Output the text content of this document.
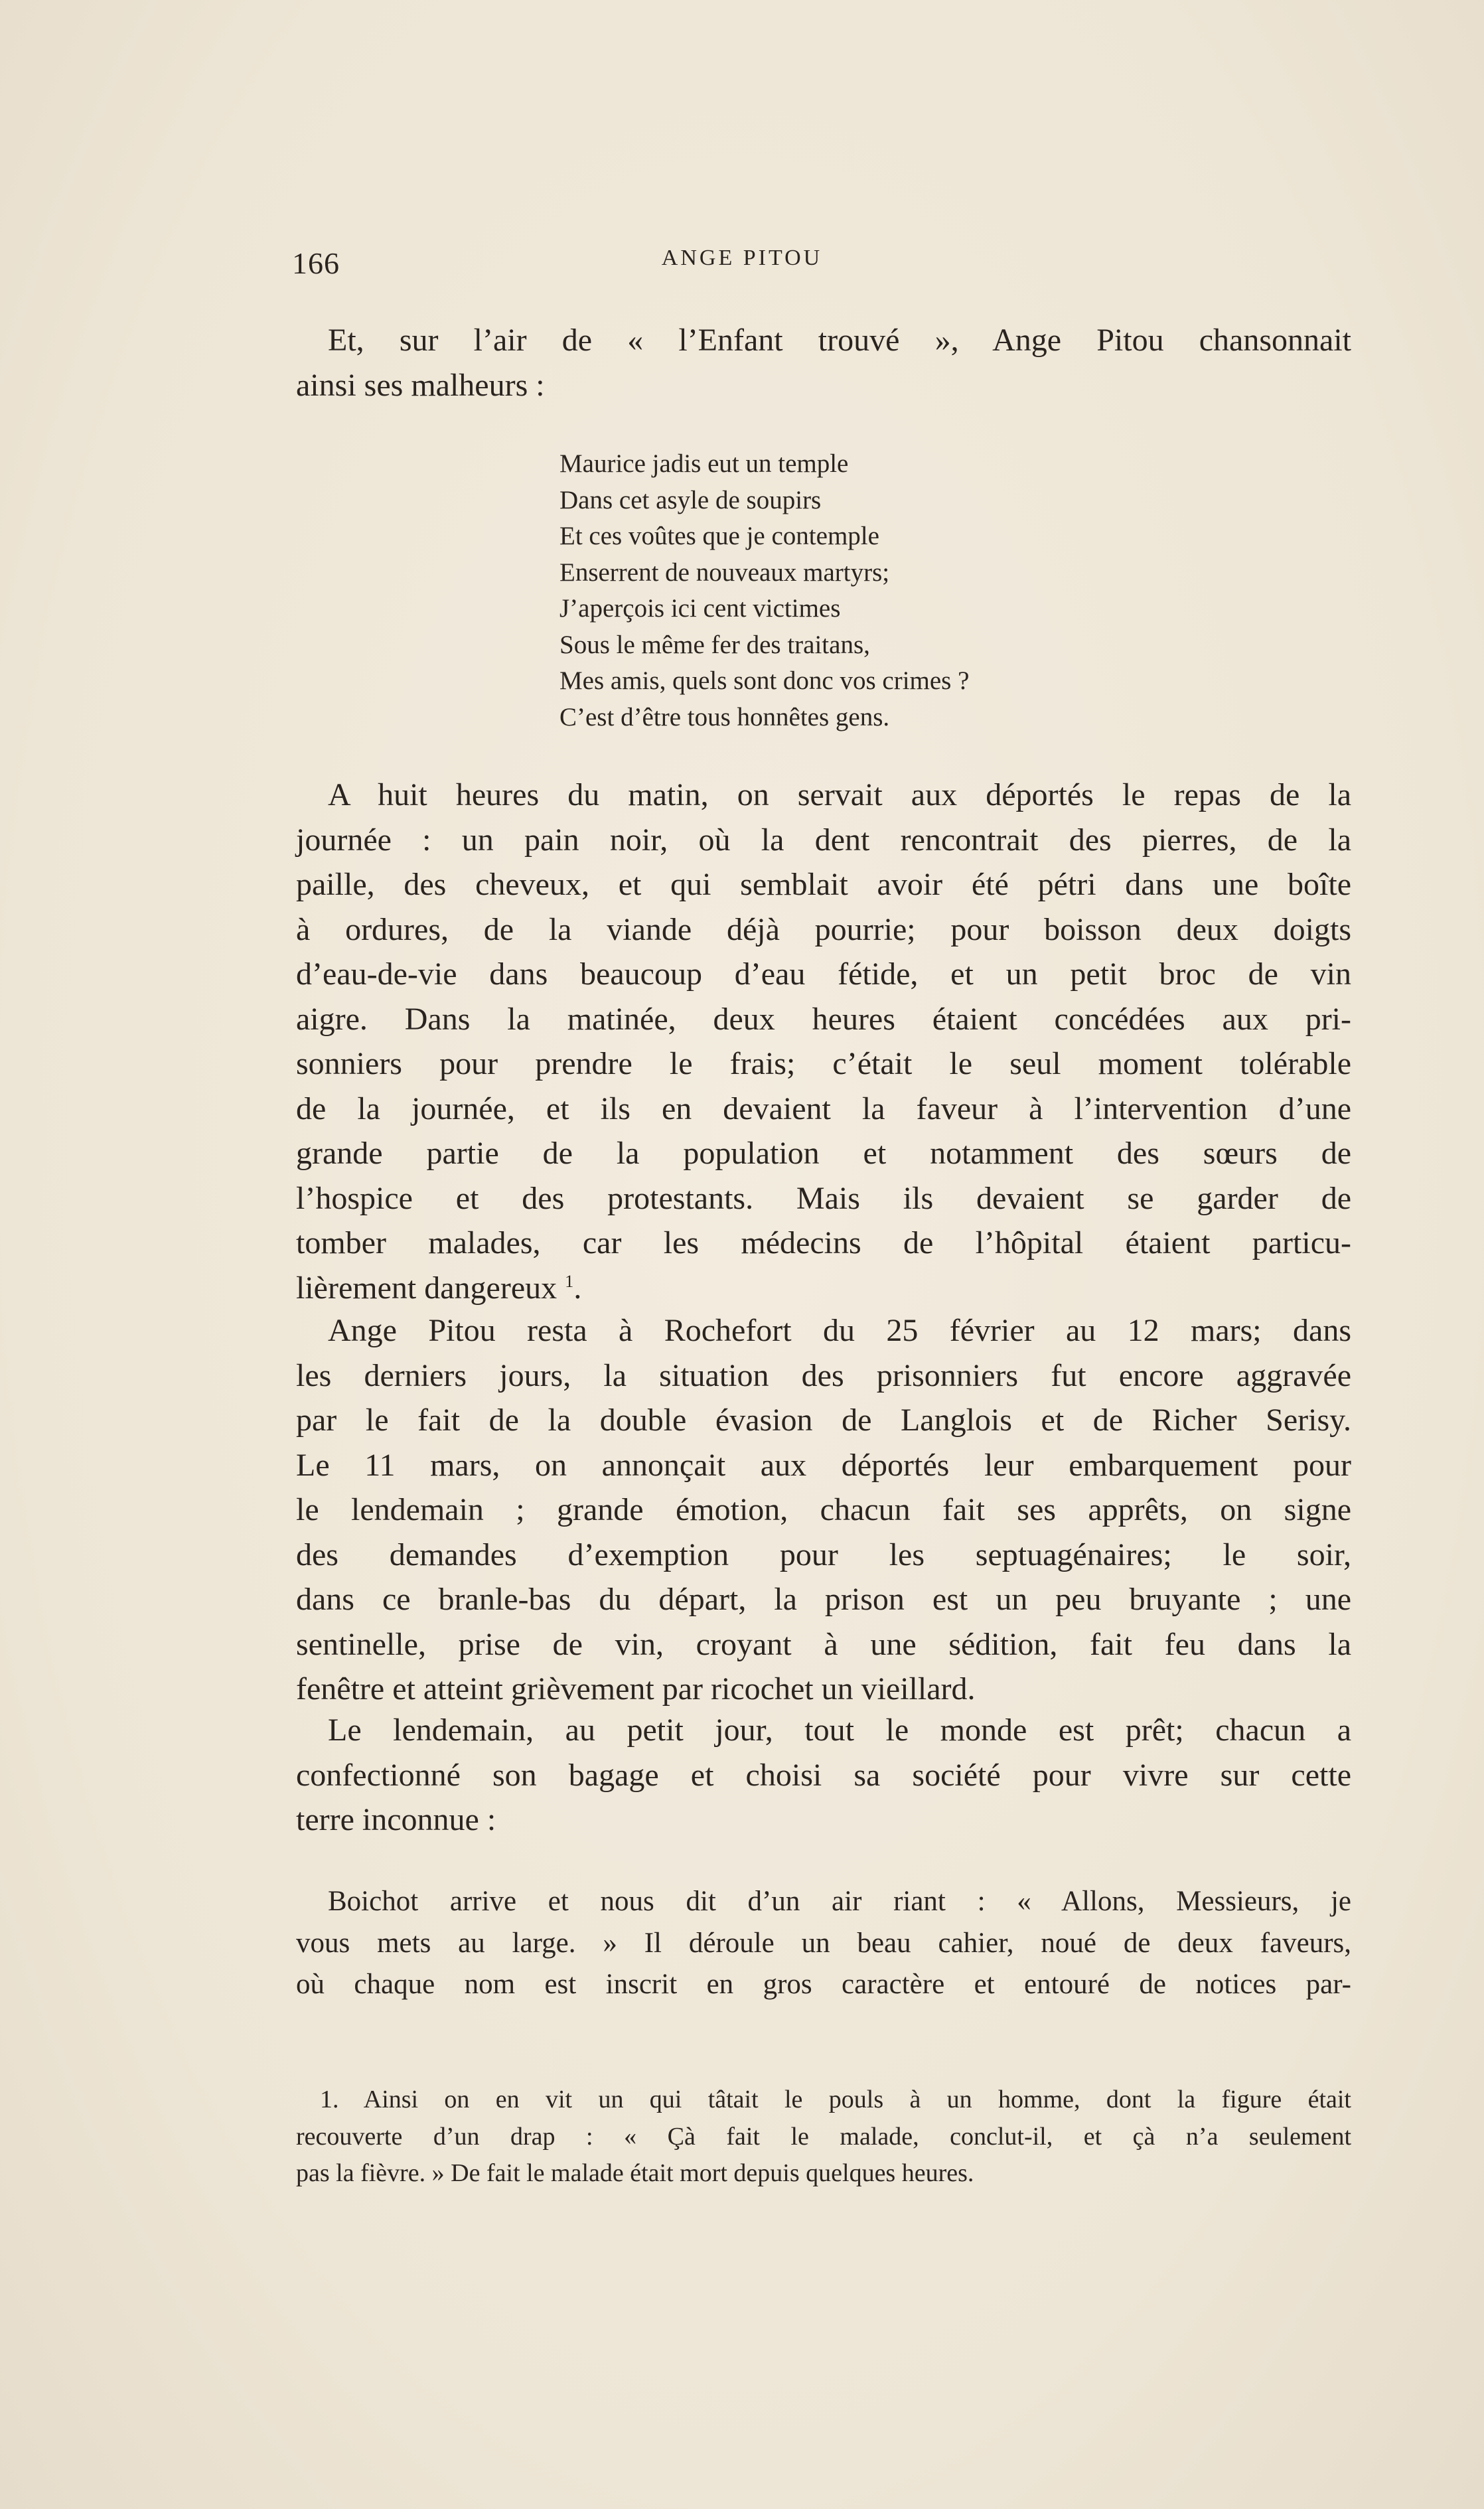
166	ANGE PITOU
Et, sur l’air de « l’Enfant trouvé », Ange Pitou chansonnait
ainsi ses malheurs :
Maurice jadis eut un temple
Dans cet asyle de soupirs
Et ces voûtes que je contemple
Enserrent de nouveaux martyrs;
J’aperçois ici cent victimes
Sous le même fer des traitans,
Mes amis, quels sont donc vos crimes ?
C’est d’être tous honnêtes gens.
A huit heures du matin, on servait aux déportés le repas de la
journée : un pain noir, où la dent rencontrait des pierres, de la
paille, des cheveux, et qui semblait avoir été pétri dans une boîte
à ordures, de la viande déjà pourrie; pour boisson deux doigts
d’eau-de-vie dans beaucoup d’eau fétide, et un petit broc de vin
aigre. Dans la matinée, deux heures étaient concédées aux pri-
sonniers pour prendre le frais; c’était le seul moment tolérable
de la journée, et ils en devaient la faveur à l’intervention d’une
grande partie de la population et notamment des sœurs de
l’hospice et des protestants. Mais ils devaient se garder de
tomber malades, car les médecins de l’hôpital étaient particu-
lièrement dangereux $^1$.
Ange Pitou resta à Rochefort du 25 février au 12 mars; dans
les derniers jours, la situation des prisonniers fut encore aggravée
par le fait de la double évasion de Langlois et de Richer Serisy.
Le 11 mars, on annonçait aux déportés leur embarquement pour
le lendemain ; grande émotion, chacun fait ses apprêts, on signe
des demandes d’exemption pour les septuagénaires; le soir,
dans ce branle-bas du départ, la prison est un peu bruyante ; une
sentinelle, prise de vin, croyant à une sédition, fait feu dans la
fenêtre et atteint grièvement par ricochet un vieillard.
Le lendemain, au petit jour, tout le monde est prêt; chacun a
confectionné son bagage et choisi sa société pour vivre sur cette
terre inconnue :
Boichot arrive et nous dit d’un air riant : « Allons, Messieurs, je
vous mets au large. » Il déroule un beau cahier, noué de deux faveurs,
où chaque nom est inscrit en gros caractère et entouré de notices par-
1. Ainsi on en vit un qui tâtait le pouls à un homme, dont la figure était
recouverte d’un drap : « Çà fait le malade, conclut-il, et çà n’a seulement
pas la fièvre. » De fait le malade était mort depuis quelques heures.
